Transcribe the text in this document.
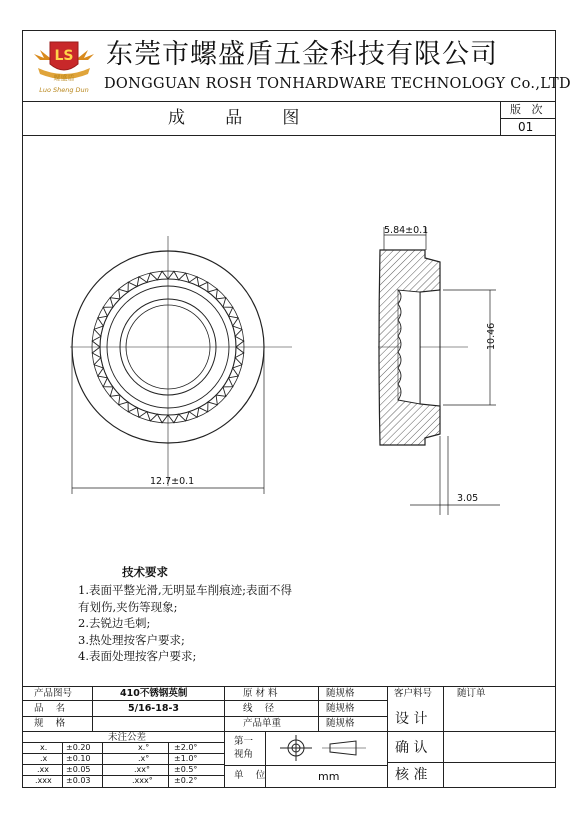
LS
螺盛盾
Luo Sheng Dun
东莞市螺盛盾五金科技有限公司
DONGGUAN ROSH TONHARDWARE TECHNOLOGY Co.,LTD
成   品   图	版   次
01
5.84±0.1
10.46
12.7±0.1
3.05
技术要求
1.表面平整光滑,无明显车削痕迹;表面不得
有划伤,夹伤等现象;
2.去锐边毛刺;
3.热处理按客户要求;
4.表面处理按客户要求;
产品图号	410不锈钢英制
品    名	5/16-18-3
规    格
原 材 料	随规格
线    径	随规格
产品单重	随规格
客户料号	随订单
设 计
确 认
核 准
未注公差
x. ±0.20	x.°	±2.0°
.x ±0.10	.x°	±1.0°
.xx ±0.05	.xx°	±0.5°
.xxx ±0.03	.xxx°	±0.2°
第一
视角
单    位	mm
